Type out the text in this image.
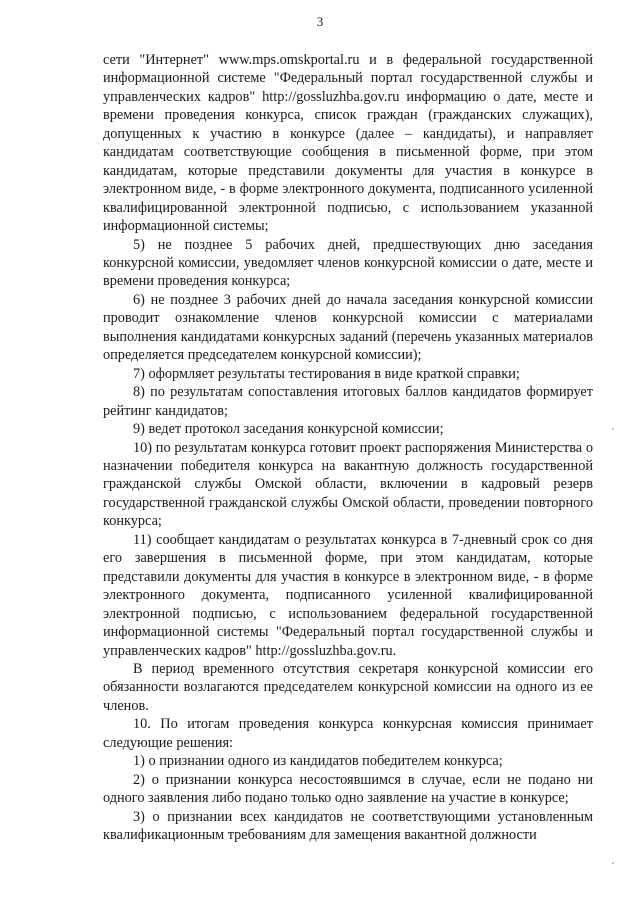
3

сети "Интернет" www.mps.omskportal.ru и в федеральной государственной информационной системе "Федеральный портал государственной службы и управленческих кадров" http://gossluzhba.gov.ru информацию о дате, месте и времени проведения конкурса, список граждан (гражданских служащих), допущенных к участию в конкурсе (далее – кандидаты), и направляет кандидатам соответствующие сообщения в письменной форме, при этом кандидатам, которые представили документы для участия в конкурсе в электронном виде, - в форме электронного документа, подписанного усиленной квалифицированной электронной подписью, с использованием указанной информационной системы;

5) не позднее 5 рабочих дней, предшествующих дню заседания конкурсной комиссии, уведомляет членов конкурсной комиссии о дате, месте и времени проведения конкурса;

6) не позднее 3 рабочих дней до начала заседания конкурсной комиссии проводит ознакомление членов конкурсной комиссии с материалами выполнения кандидатами конкурсных заданий (перечень указанных материалов определяется председателем конкурсной комиссии);

7) оформляет результаты тестирования в виде краткой справки;

8) по результатам сопоставления итоговых баллов кандидатов формирует рейтинг кандидатов;

9) ведет протокол заседания конкурсной комиссии;

10) по результатам конкурса готовит проект распоряжения Министерства о назначении победителя конкурса на вакантную должность государственной гражданской службы Омской области, включении в кадровый резерв государственной гражданской службы Омской области, проведении повторного конкурса;

11) сообщает кандидатам о результатах конкурса в 7-дневный срок со дня его завершения в письменной форме, при этом кандидатам, которые представили документы для участия в конкурсе в электронном виде, - в форме электронного документа, подписанного усиленной квалифицированной электронной подписью, с использованием федеральной государственной информационной системы "Федеральный портал государственной службы и управленческих кадров" http://gossluzhba.gov.ru.

В период временного отсутствия секретаря конкурсной комиссии его обязанности возлагаются председателем конкурсной комиссии на одного из ее членов.

10. По итогам проведения конкурса конкурсная комиссия принимает следующие решения:

1) о признании одного из кандидатов победителем конкурса;

2) о признании конкурса несостоявшимся в случае, если не подано ни одного заявления либо подано только одно заявление на участие в конкурсе;

3) о признании всех кандидатов не соответствующими установленным квалификационным требованиям для замещения вакантной должности
